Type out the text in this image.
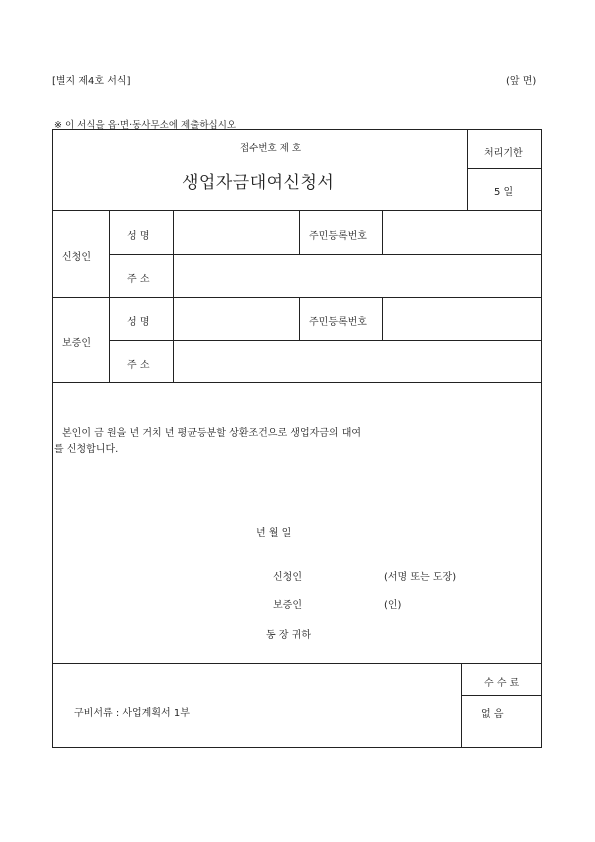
[별지 제4호 서식]	(앞 면)
※ 이 서식을 읍·면·동사무소에 제출하십시오
접수번호 제 호
생업자금대여신청서
처리기한
5 일
신청인
성 명	주민등록번호
주 소
보증인
성 명	주민등록번호
주 소
본인이 금 원을 년 거치 년 평균등분할 상환조건으로 생업자금의 대여
를 신청합니다.
년 월 일
신청인	(서명 또는 도장)
보증인	(인)
동 장 귀하
구비서류 : 사업계획서 1부
수 수 료
없 음
